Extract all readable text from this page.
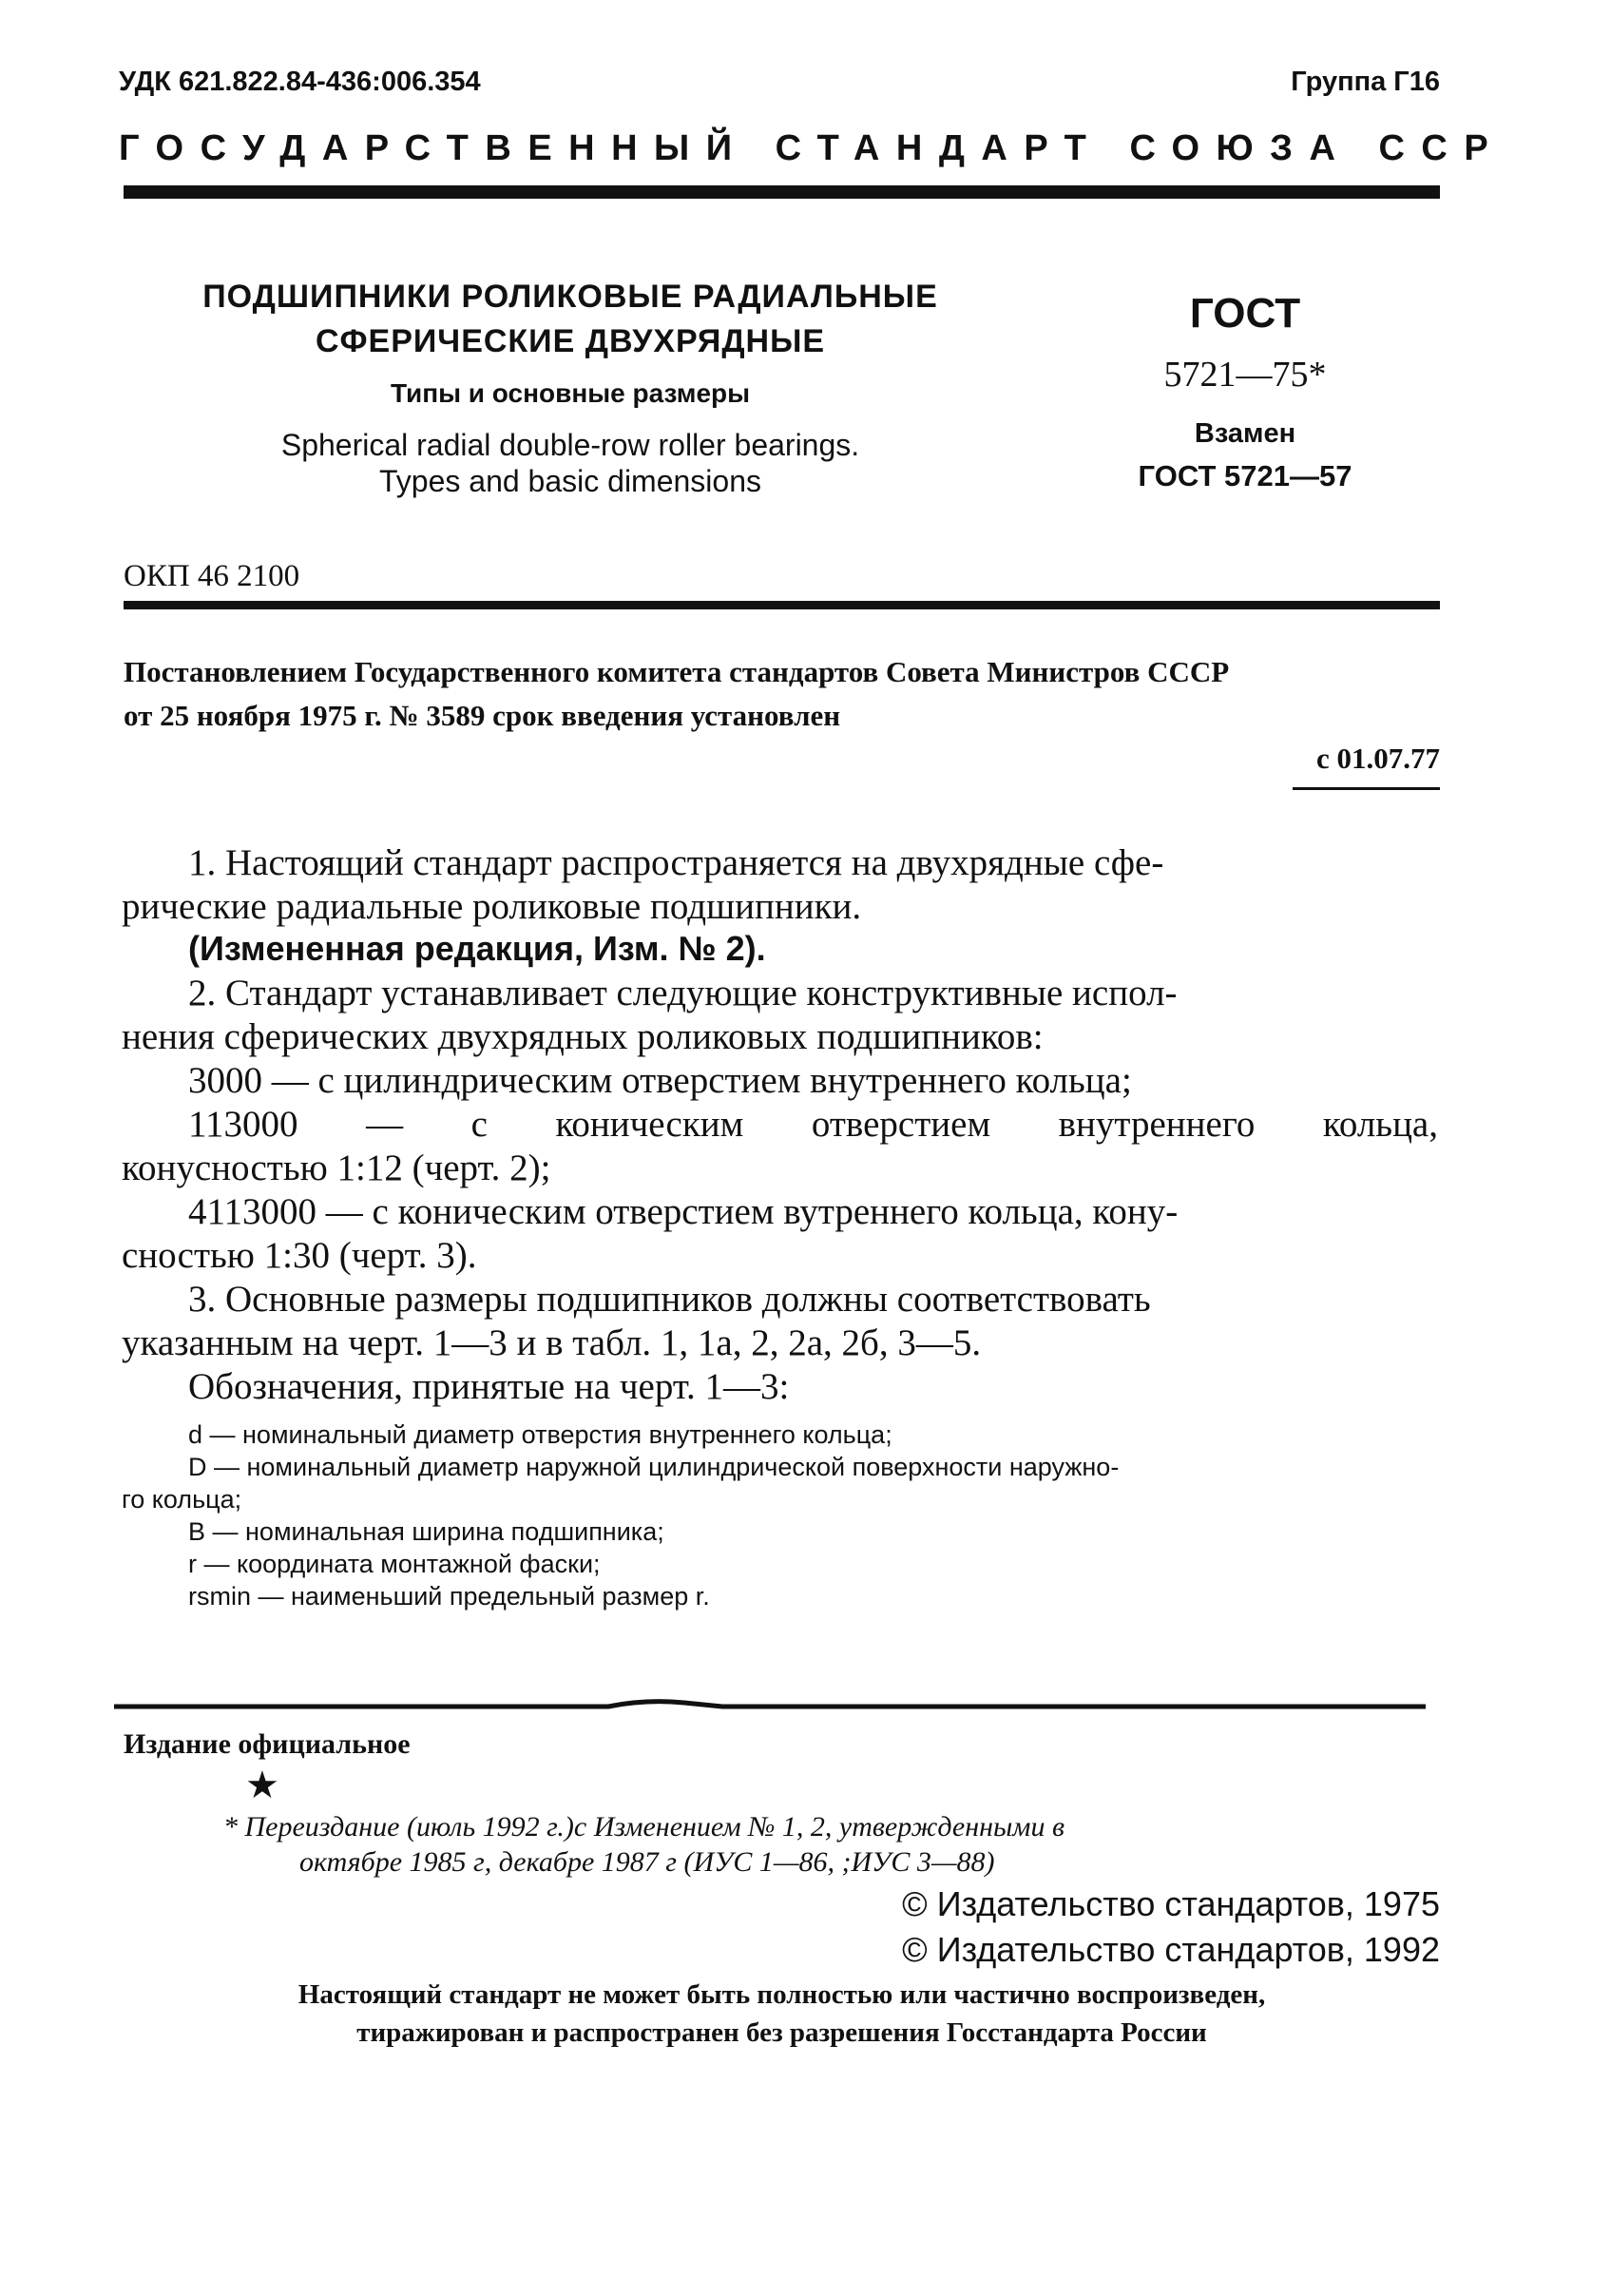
УДК 621.822.84-436:006.354	Группа Г16
ГОСУДАРСТВЕННЫЙ СТАНДАРТ СОЮЗА ССР
ПОДШИПНИКИ РОЛИКОВЫЕ РАДИАЛЬНЫЕ
СФЕРИЧЕСКИЕ ДВУХРЯДНЫЕ
Типы и основные размеры
Spherical radial double-row roller bearings.
Types and basic dimensions
ГОСТ
5721—75*
Взамен
ГОСТ 5721—57
ОКП 46 2100
Постановлением Государственного комитета стандартов Совета Министров СССР
от 25 ноября 1975 г. № 3589 срок введения установлен
с 01.07.77
1. Настоящий стандарт распространяется на двухрядные сфе-
рические радиальные роликовые подшипники.
(Измененная редакция, Изм. № 2).
2. Стандарт устанавливает следующие конструктивные испол-
нения сферических двухрядных роликовых подшипников:
3000 — с цилиндрическим отверстием внутреннего кольца;
113000 — с коническим отверстием внутреннего кольца,
конусностью 1:12 (черт. 2);
4113000 — с коническим отверстием вутреннего кольца, кону-
сностью 1:30 (черт. 3).
3. Основные размеры подшипников должны соответствовать
указанным на черт. 1—3 и в табл. 1, 1а, 2, 2а, 2б, 3—5.
Обозначения, принятые на черт. 1—3:
d — номинальный диаметр отверстия внутреннего кольца;
D — номинальный диаметр наружной цилиндрической поверхности наружно-
го кольца;
B — номинальная ширина подшипника;
r — координата монтажной фаски;
rsmin — наименьший предельный размер r.
Издание официальное
★
* Переиздание (июль 1992 г.)с Изменением № 1, 2, утвержденными в
октябре 1985 г, декабре 1987 г (ИУС 1—86, ;ИУС 3—88)
© Издательство стандартов, 1975
© Издательство стандартов, 1992
Настоящий стандарт не может быть полностью или частично воспроизведен,
тиражирован и распространен без разрешения Госстандарта России
